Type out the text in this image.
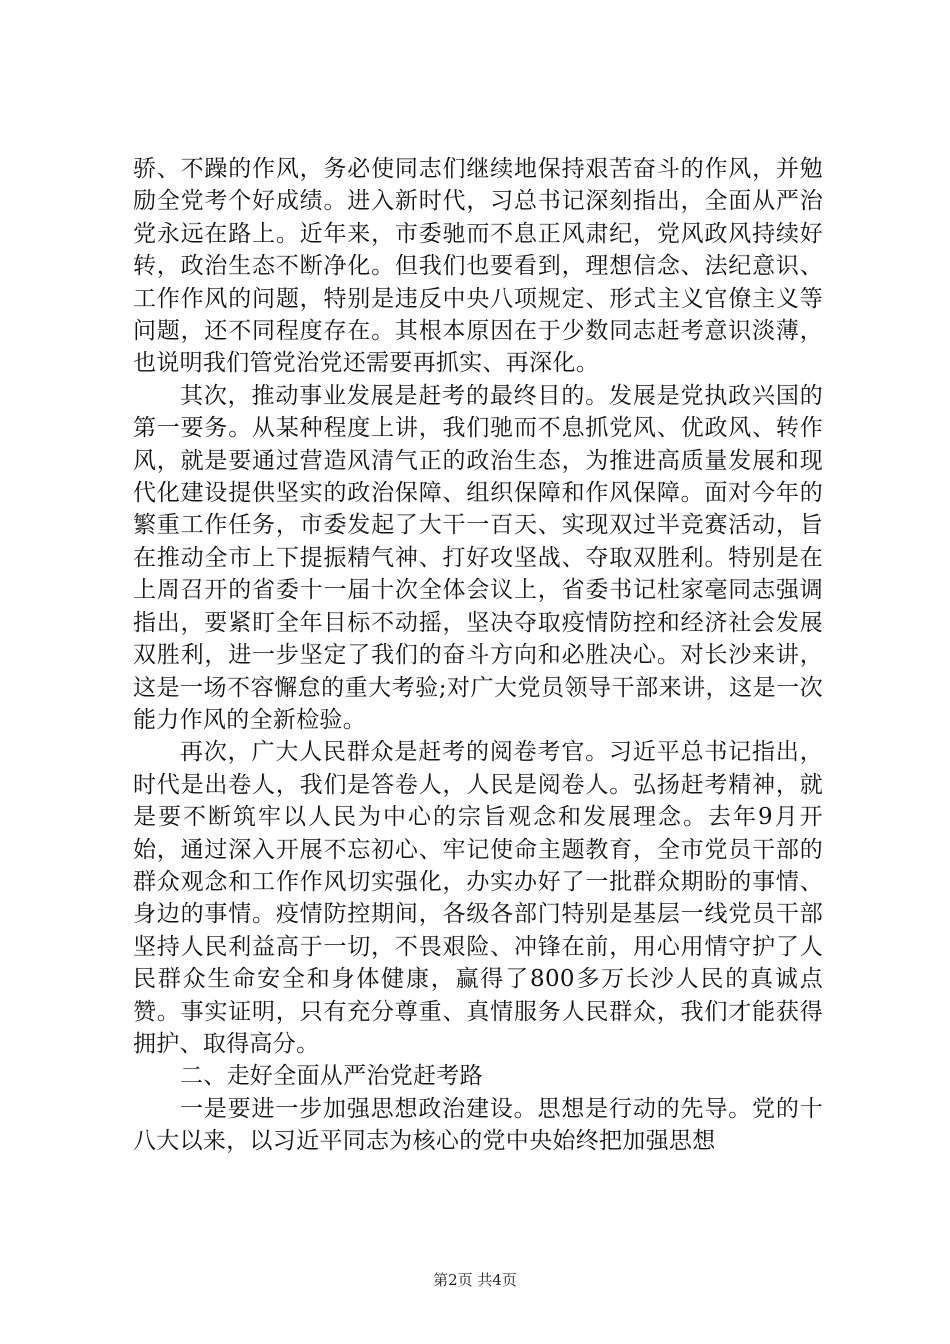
骄、不躁的作风，务必使同志们继续地保持艰苦奋斗的作风，并勉励全党考个好成绩。进入新时代，习总书记深刻指出，全面从严治党永远在路上。近年来，市委驰而不息正风肃纪，党风政风持续好转，政治生态不断净化。但我们也要看到，理想信念、法纪意识、工作作风的问题，特别是违反中央八项规定、形式主义官僚主义等问题，还不同程度存在。其根本原因在于少数同志赶考意识淡薄，也说明我们管党治党还需要再抓实、再深化。

其次，推动事业发展是赶考的最终目的。发展是党执政兴国的第一要务。从某种程度上讲，我们驰而不息抓党风、优政风、转作风，就是要通过营造风清气正的政治生态，为推进高质量发展和现代化建设提供坚实的政治保障、组织保障和作风保障。面对今年的繁重工作任务，市委发起了大干一百天、实现双过半竞赛活动，旨在推动全市上下提振精气神、打好攻坚战、夺取双胜利。特别是在上周召开的省委十一届十次全体会议上，省委书记杜家毫同志强调指出，要紧盯全年目标不动摇，坚决夺取疫情防控和经济社会发展双胜利，进一步坚定了我们的奋斗方向和必胜决心。对长沙来讲，这是一场不容懈怠的重大考验;对广大党员领导干部来讲，这是一次能力作风的全新检验。

再次，广大人民群众是赶考的阅卷考官。习近平总书记指出，时代是出卷人，我们是答卷人，人民是阅卷人。弘扬赶考精神，就是要不断筑牢以人民为中心的宗旨观念和发展理念。去年9月开始，通过深入开展不忘初心、牢记使命主题教育，全市党员干部的群众观念和工作作风切实强化，办实办好了一批群众期盼的事情、身边的事情。疫情防控期间，各级各部门特别是基层一线党员干部坚持人民利益高于一切，不畏艰险、冲锋在前，用心用情守护了人民群众生命安全和身体健康，赢得了800多万长沙人民的真诚点赞。事实证明，只有充分尊重、真情服务人民群众，我们才能获得拥护、取得高分。

二、走好全面从严治党赶考路

一是要进一步加强思想政治建设。思想是行动的先导。党的十八大以来，以习近平同志为核心的党中央始终把加强思想

第2页 共4页
